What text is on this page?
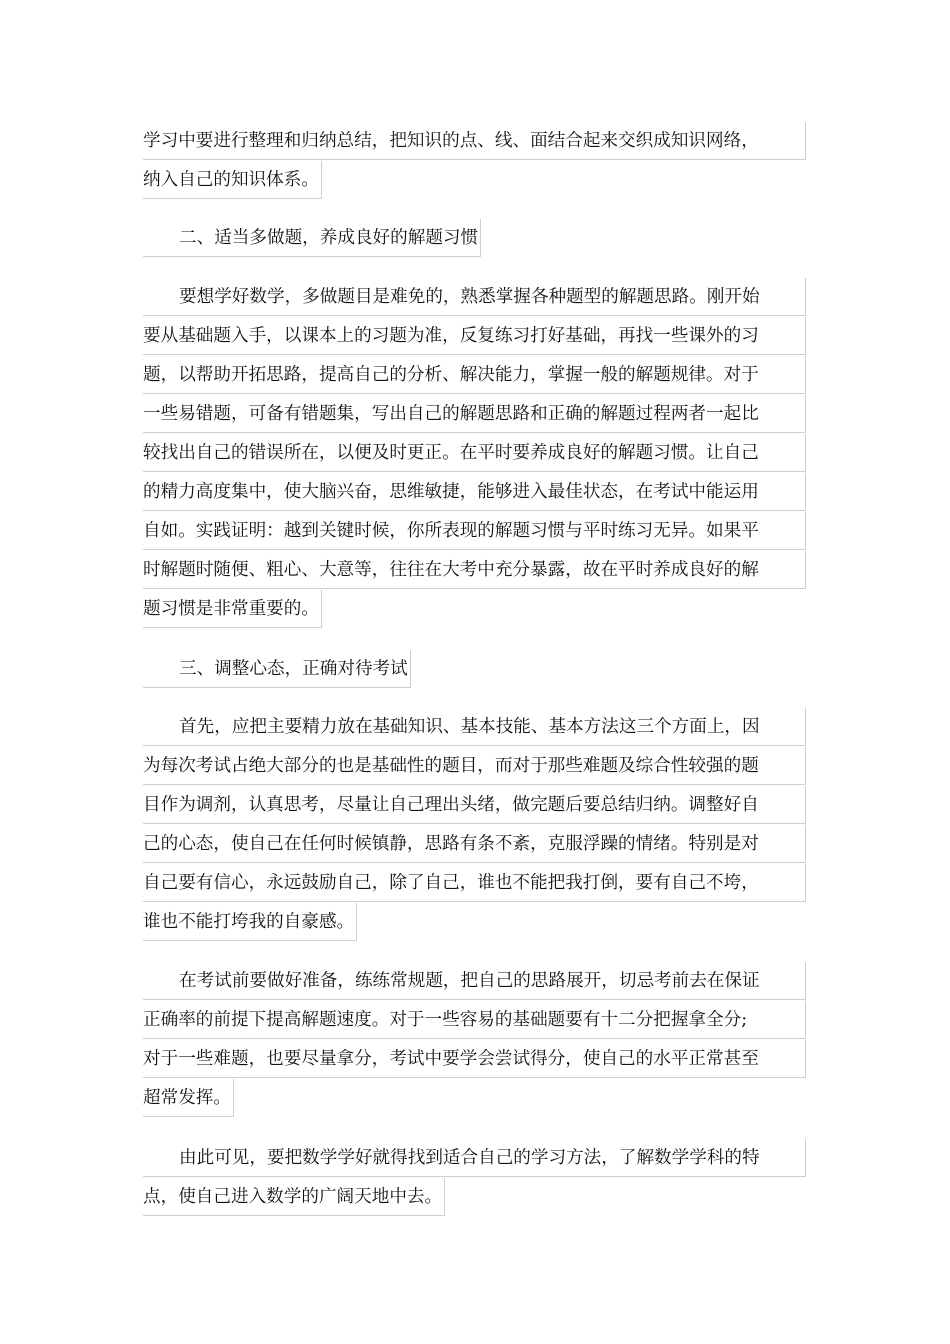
学习中要进行整理和归纳总结，把知识的点、线、面结合起来交织成知识网络，
纳入自己的知识体系。
二、适当多做题，养成良好的解题习惯
要想学好数学，多做题目是难免的，熟悉掌握各种题型的解题思路。刚开始
要从基础题入手，以课本上的习题为准，反复练习打好基础，再找一些课外的习
题，以帮助开拓思路，提高自己的分析、解决能力，掌握一般的解题规律。对于
一些易错题，可备有错题集，写出自己的解题思路和正确的解题过程两者一起比
较找出自己的错误所在，以便及时更正。在平时要养成良好的解题习惯。让自己
的精力高度集中，使大脑兴奋，思维敏捷，能够进入最佳状态，在考试中能运用
自如。实践证明：越到关键时候，你所表现的解题习惯与平时练习无异。如果平
时解题时随便、粗心、大意等，往往在大考中充分暴露，故在平时养成良好的解
题习惯是非常重要的。
三、调整心态，正确对待考试
首先，应把主要精力放在基础知识、基本技能、基本方法这三个方面上，因
为每次考试占绝大部分的也是基础性的题目，而对于那些难题及综合性较强的题
目作为调剂，认真思考，尽量让自己理出头绪，做完题后要总结归纳。调整好自
己的心态，使自己在任何时候镇静，思路有条不紊，克服浮躁的情绪。特别是对
自己要有信心，永远鼓励自己，除了自己，谁也不能把我打倒，要有自己不垮，
谁也不能打垮我的自豪感。
在考试前要做好准备，练练常规题，把自己的思路展开，切忌考前去在保证
正确率的前提下提高解题速度。对于一些容易的基础题要有十二分把握拿全分;
对于一些难题，也要尽量拿分，考试中要学会尝试得分，使自己的水平正常甚至
超常发挥。
由此可见，要把数学学好就得找到适合自己的学习方法，了解数学学科的特
点，使自己进入数学的广阔天地中去。
